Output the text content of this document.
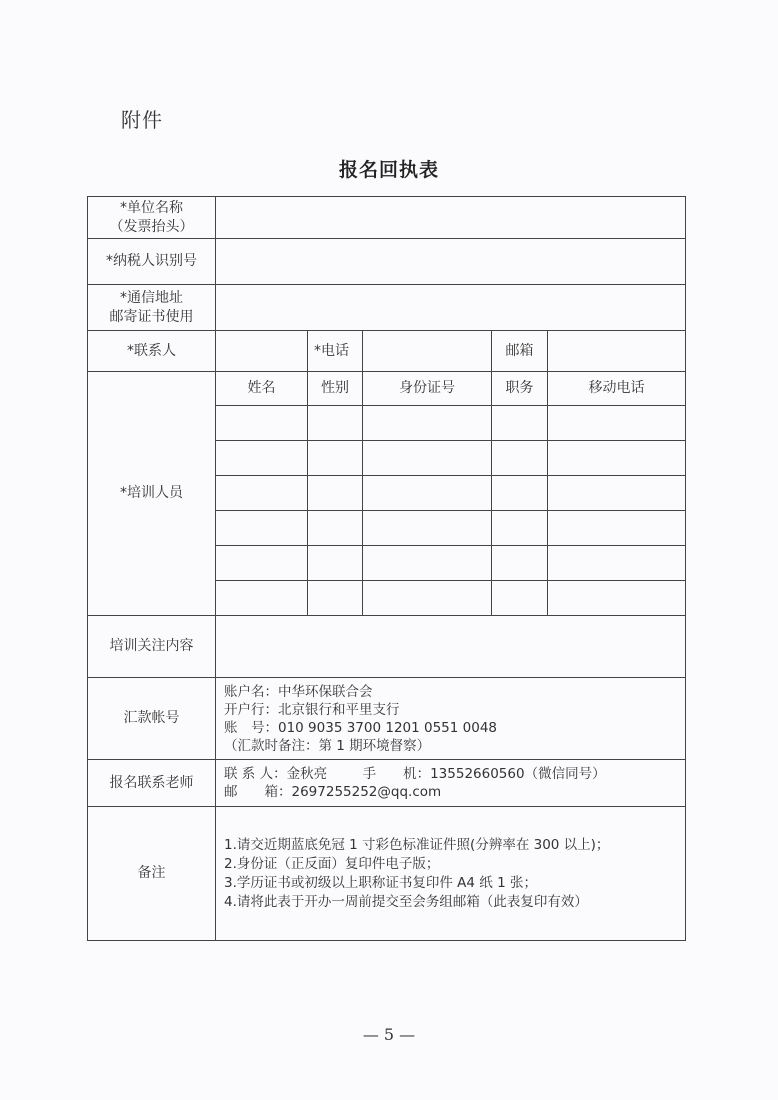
附件
报名回执表
*单位名称
（发票抬头）					

*纳税人识别号					

*通信地址
邮寄证书使用					

*联系人		*电话		邮箱	
*培训人员	姓名	性别	身份证号	职务	移动电话

培训关注内容					
汇款帐号	账户名：中华环保联合会
开户行：北京银行和平里支行
账　号：010 9035 3700 1201 0551 0048
（汇款时备注：第 1 期环境督察）				

报名联系老师	联 系 人：金秋亮 手　　机：13552660560（微信同号）
邮　　箱：2697255252@qq.com				

备注	1.请交近期蓝底免冠 1 寸彩色标准证件照(分辨率在 300 以上)；
2.身份证（正反面）复印件电子版；
3.学历证书或初级以上职称证书复印件 A4 纸 1 张；
4.请将此表于开办一周前提交至会务组邮箱（此表复印有效）				
— 5 —
